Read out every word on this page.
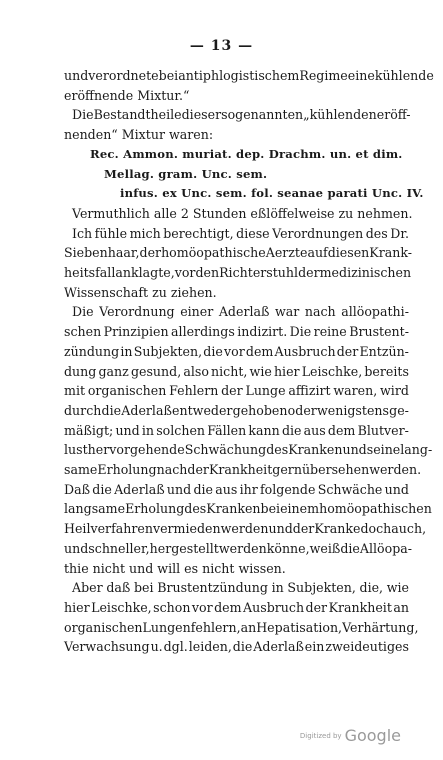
— 13 —
und verordnete bei antiphlogistischem Regime eine kühlende
eröffnende Mixtur.“
Die Bestandtheile dieser sogenannten „kühlenden eröff-
nenden“ Mixtur waren:
Rec. Ammon. muriat. dep. Drachm. un. et dim.
Mellag. gram. Unc. sem.
infus. ex Unc. sem. fol. seanae parati Unc. IV.
Vermuthlich alle 2 Stunden eßlöffelweise zu nehmen.
Ich fühle mich berechtigt, diese Verordnungen des Dr.
Siebenhaar, der homöopathische Aerzte auf diesen Krank-
heitsfall anklagte, vor den Richterstuhl der medizinischen
Wissenschaft zu ziehen.
Die Verordnung einer Aderlaß war nach allöopathi-
schen Prinzipien allerdings indizirt. Die reine Brustent-
zündung in Subjekten, die vor dem Ausbruch der Entzün-
dung ganz gesund, also nicht, wie hier Leischke, bereits
mit organischen Fehlern der Lunge affizirt waren, wird
durch die Aderlaß entweder gehoben oder wenigstens ge-
mäßigt; und in solchen Fällen kann die aus dem Blutver-
lust hervorgehende Schwächung des Kranken und seine lang-
same Erholung nach der Krankheit gern übersehen werden.
Daß die Aderlaß und die aus ihr folgende Schwäche und
langsame Erholung des Kranken bei einem homöopathischen
Heilverfahren vermieden werden und der Kranke doch auch,
und schneller, hergestellt werden könne, weiß die Allöopa-
thie nicht und will es nicht wissen.
Aber daß bei Brustentzündung in Subjekten, die, wie
hier Leischke, schon vor dem Ausbruch der Krankheit an
organischen Lungenfehlern, an Hepatisation, Verhärtung,
Verwachsung u. dgl. leiden, die Aderlaß ein zweideutiges
Digitized by Google
